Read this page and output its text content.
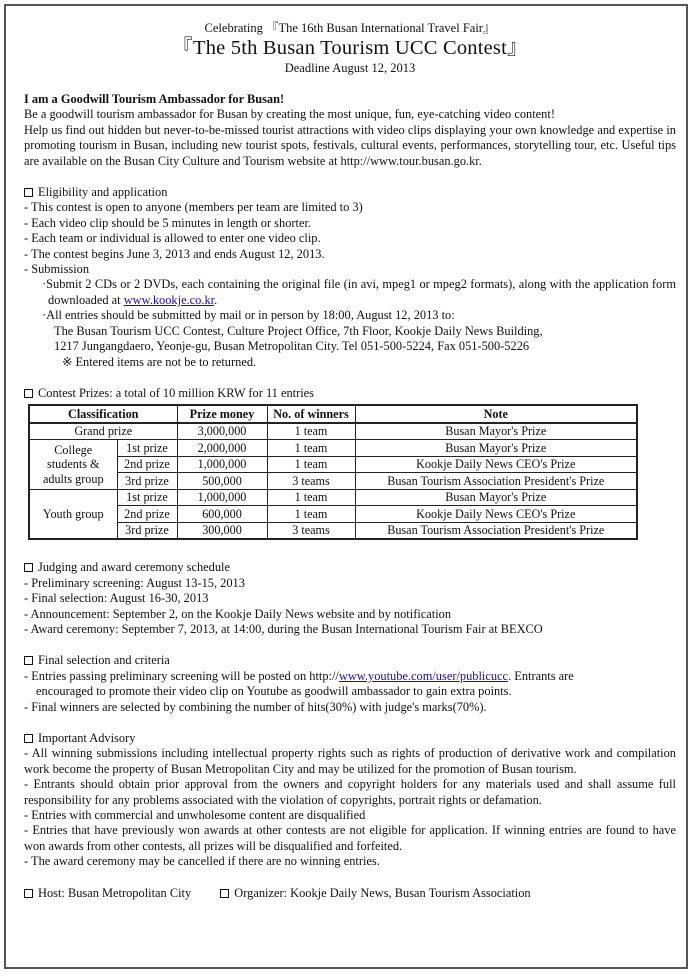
Celebrating 『The 16th Busan International Travel Fair』
『The 5th Busan Tourism UCC Contest』
Deadline August 12, 2013
I am a Goodwill Tourism Ambassador for Busan!
Be a goodwill tourism ambassador for Busan by creating the most unique, fun, eye-catching video content!
Help us find out hidden but never-to-be-missed tourist attractions with video clips displaying your own knowledge and expertise in promoting tourism in Busan, including new tourist spots, festivals, cultural events, performances, storytelling tour, etc. Useful tips are available on the Busan City Culture and Tourism website at http://www.tour.busan.go.kr.
Eligibility and application
- This contest is open to anyone (members per team are limited to 3)
- Each video clip should be 5 minutes in length or shorter.
- Each team or individual is allowed to enter one video clip.
- The contest begins June 3, 2013 and ends August 12, 2013.
- Submission
·Submit 2 CDs or 2 DVDs, each containing the original file (in avi, mpeg1 or mpeg2 formats), along with the application form downloaded at www.kookje.co.kr.
·All entries should be submitted by mail or in person by 18:00, August 12, 2013 to:
The Busan Tourism UCC Contest, Culture Project Office, 7th Floor, Kookje Daily News Building,
1217 Jungangdaero, Yeonje-gu, Busan Metropolitan City. Tel 051-500-5224, Fax 051-500-5226
※ Entered items are not be to returned.
Contest Prizes: a total of 10 million KRW for 11 entries
Classification		Prize money	No. of winners	Note
Grand prize		3,000,000	1 team	Busan Mayor's Prize
College students & adults group	1st prize	2,000,000	1 team	Busan Mayor's Prize
	2nd prize	1,000,000	1 team	Kookje Daily News CEO's Prize
	3rd prize	500,000	3 teams	Busan Tourism Association President's Prize
Youth group	1st prize	1,000,000	1 team	Busan Mayor's Prize
	2nd prize	600,000	1 team	Kookje Daily News CEO's Prize
	3rd prize	300,000	3 teams	Busan Tourism Association President's Prize
Judging and award ceremony schedule
- Preliminary screening: August 13-15, 2013
- Final selection: August 16-30, 2013
- Announcement: September 2, on the Kookje Daily News website and by notification
- Award ceremony: September 7, 2013, at 14:00, during the Busan International Tourism Fair at BEXCO
Final selection and criteria
- Entries passing preliminary screening will be posted on http://www.youtube.com/user/publicucc. Entrants are
encouraged to promote their video clip on Youtube as goodwill ambassador to gain extra points.
- Final winners are selected by combining the number of hits(30%) with judge's marks(70%).
Important Advisory
- All winning submissions including intellectual property rights such as rights of production of derivative work and compilation work become the property of Busan Metropolitan City and may be utilized for the promotion of Busan tourism.
- Entrants should obtain prior approval from the owners and copyright holders for any materials used and shall assume full responsibility for any problems associated with the violation of copyrights, portrait rights or defamation.
- Entries with commercial and unwholesome content are disqualified
- Entries that have previously won awards at other contests are not eligible for application. If winning entries are found to have won awards from other contests, all prizes will be disqualified and forfeited.
- The award ceremony may be cancelled if there are no winning entries.
Host: Busan Metropolitan City	Organizer: Kookje Daily News, Busan Tourism Association
